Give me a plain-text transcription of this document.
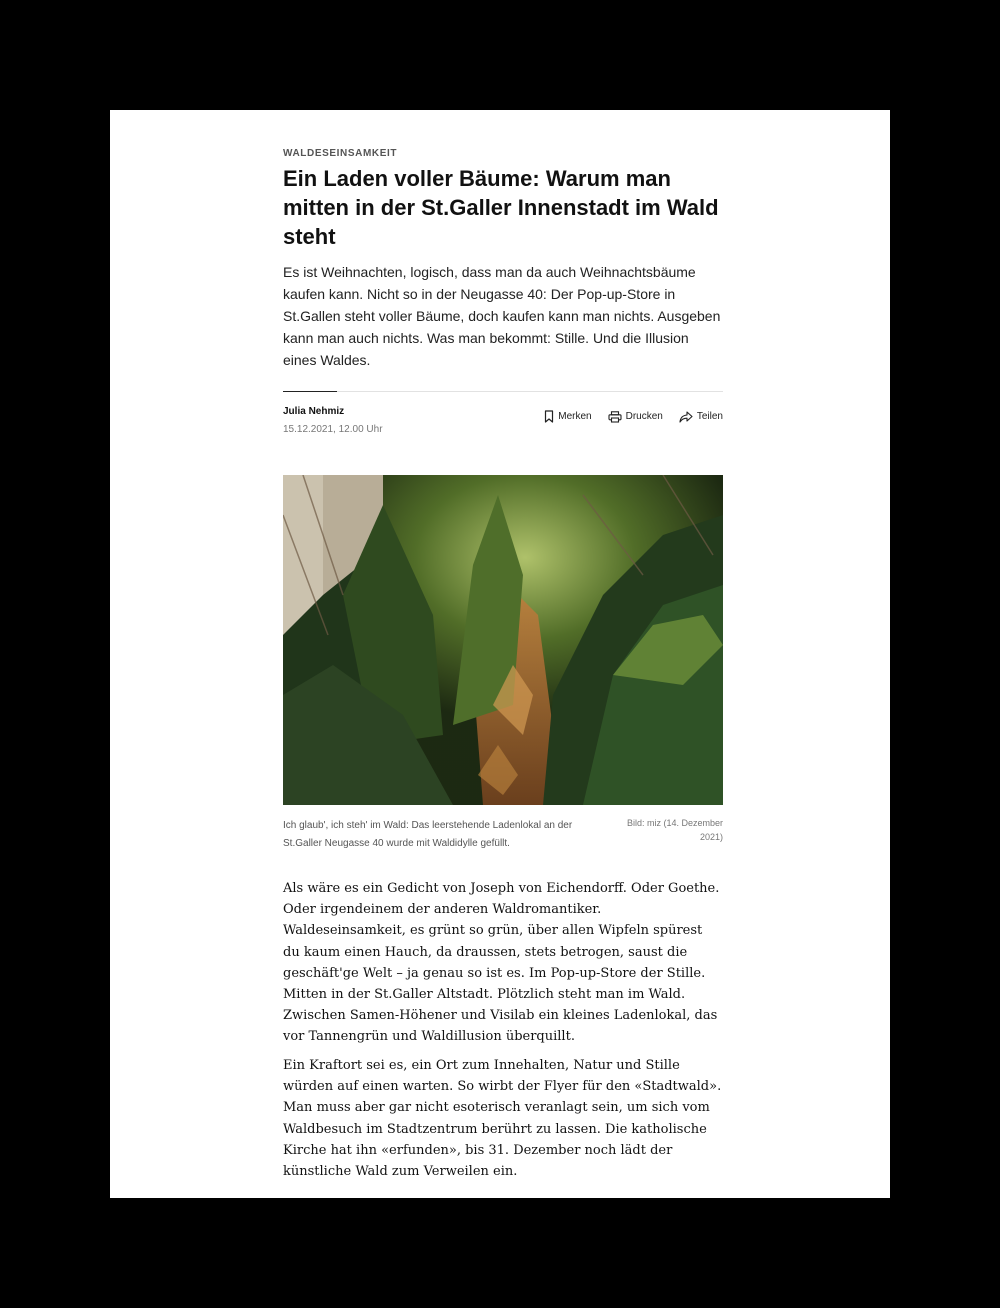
WALDESEINSAMKEIT
Ein Laden voller Bäume: Warum man mitten in der St.Galler Innenstadt im Wald steht

Es ist Weihnachten, logisch, dass man da auch Weihnachtsbäume kaufen kann. Nicht so in der Neugasse 40: Der Pop-up-Store in St.Gallen steht voller Bäume, doch kaufen kann man nichts. Ausgeben kann man auch nichts. Was man bekommt: Stille. Und die Illusion eines Waldes.

Julia Nehmiz
15.12.2021, 12.00 Uhr
Merken	Drucken	Teilen
Ich glaub', ich steh' im Wald: Das leerstehende Ladenlokal an der St.Galler Neugasse 40 wurde mit Waldidylle gefüllt.
Bild: miz (14. Dezember 2021)

Als wäre es ein Gedicht von Joseph von Eichendorff. Oder Goethe. Oder irgendeinem der anderen Waldromantiker. Waldeseinsamkeit, es grünt so grün, über allen Wipfeln spürest du kaum einen Hauch, da draussen, stets betrogen, saust die geschäft'ge Welt – ja genau so ist es. Im Pop-up-Store der Stille. Mitten in der St.Galler Altstadt. Plötzlich steht man im Wald. Zwischen Samen-Höhener und Visilab ein kleines Ladenlokal, das vor Tannengrün und Waldillusion überquillt.

Ein Kraftort sei es, ein Ort zum Innehalten, Natur und Stille würden auf einen warten. So wirbt der Flyer für den «Stadtwald». Man muss aber gar nicht esoterisch veranlagt sein, um sich vom Waldbesuch im Stadtzentrum berührt zu lassen. Die katholische Kirche hat ihn «erfunden», bis 31. Dezember noch lädt der künstliche Wald zum Verweilen ein.
